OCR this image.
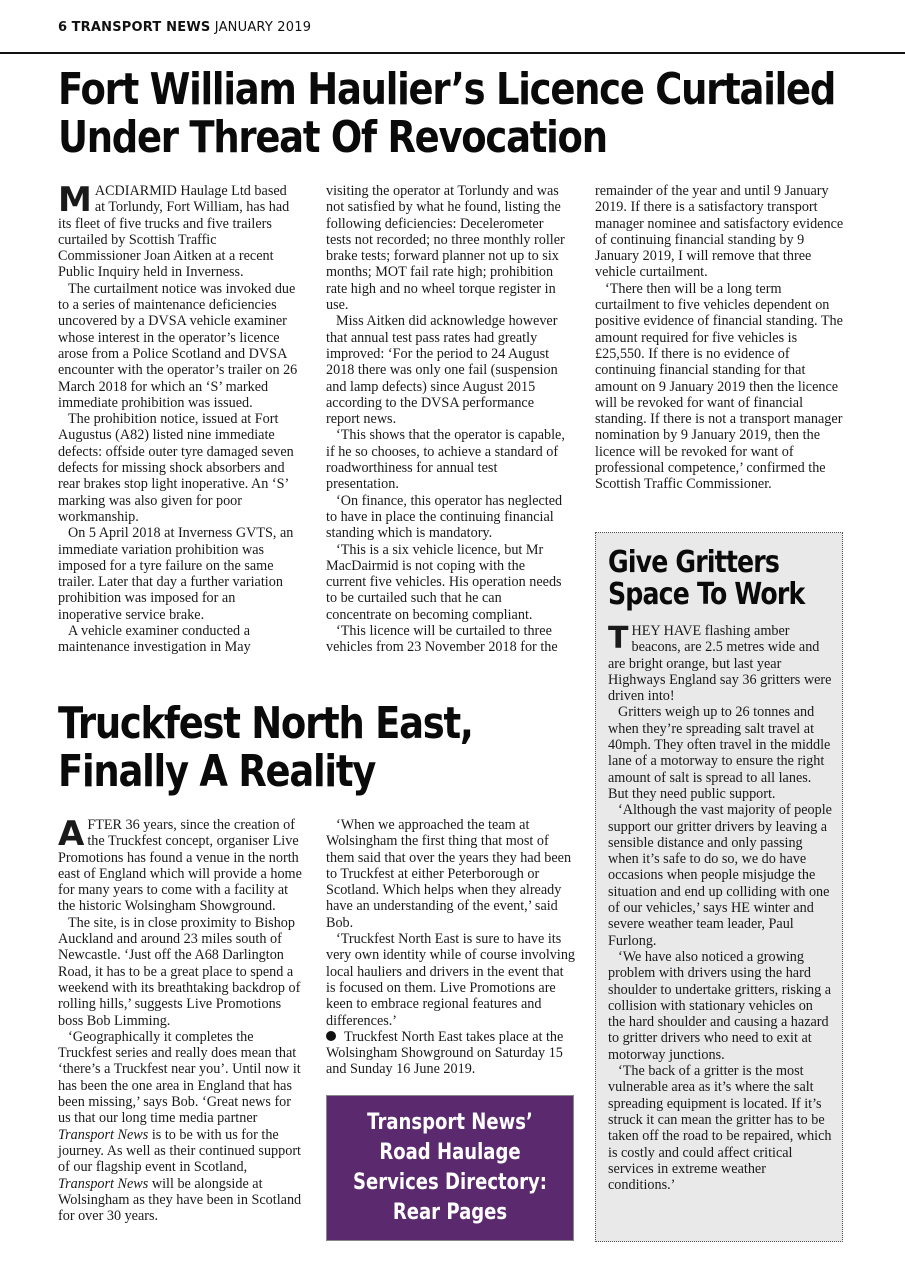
6 TRANSPORT NEWS JANUARY 2019
Fort William Haulier’s Licence Curtailed
Under Threat Of Revocation

MACDIARMID Haulage Ltd based at Torlundy, Fort William, has had its fleet of five trucks and five trailers curtailed by Scottish Traffic Commissioner Joan Aitken at a recent Public Inquiry held in Inverness.

The curtailment notice was invoked due to a series of maintenance deficiencies uncovered by a DVSA vehicle examiner whose interest in the operator’s licence arose from a Police Scotland and DVSA encounter with the operator’s trailer on 26 March 2018 for which an ‘S’ marked immediate prohibition was issued.

The prohibition notice, issued at Fort Augustus (A82) listed nine immediate defects: offside outer tyre damaged seven defects for missing shock absorbers and rear brakes stop light inoperative. An ‘S’ marking was also given for poor workmanship.

On 5 April 2018 at Inverness GVTS, an immediate variation prohibition was imposed for a tyre failure on the same trailer. Later that day a further variation prohibition was imposed for an inoperative service brake.

A vehicle examiner conducted a maintenance investigation in May

visiting the operator at Torlundy and was not satisfied by what he found, listing the following deficiencies: Decelerometer tests not recorded; no three monthly roller brake tests; forward planner not up to six months; MOT fail rate high; prohibition rate high and no wheel torque register in use.

Miss Aitken did acknowledge however that annual test pass rates had greatly improved: ‘For the period to 24 August 2018 there was only one fail (suspension and lamp defects) since August 2015 according to the DVSA performance report news.

‘This shows that the operator is capable, if he so chooses, to achieve a standard of roadworthiness for annual test presentation.

‘On finance, this operator has neglected to have in place the continuing financial standing which is mandatory.

‘This is a six vehicle licence, but Mr MacDairmid is not coping with the current five vehicles. His operation needs to be curtailed such that he can concentrate on becoming compliant.

‘This licence will be curtailed to three vehicles from 23 November 2018 for the

remainder of the year and until 9 January 2019. If there is a satisfactory transport manager nominee and satisfactory evidence of continuing financial standing by 9 January 2019, I will remove that three vehicle curtailment.

‘There then will be a long term curtailment to five vehicles dependent on positive evidence of financial standing. The amount required for five vehicles is £25,550. If there is no evidence of continuing financial standing for that amount on 9 January 2019 then the licence will be revoked for want of financial standing. If there is not a transport manager nomination by 9 January 2019, then the licence will be revoked for want of professional competence,’ confirmed the Scottish Traffic Commissioner.

Truckfest North East,
Finally A Reality

AFTER 36 years, since the creation of the Truckfest concept, organiser Live Promotions has found a venue in the north east of England which will provide a home for many years to come with a facility at the historic Wolsingham Showground.

The site, is in close proximity to Bishop Auckland and around 23 miles south of Newcastle. ‘Just off the A68 Darlington Road, it has to be a great place to spend a weekend with its breathtaking backdrop of rolling hills,’ suggests Live Promotions boss Bob Limming.

‘Geographically it completes the Truckfest series and really does mean that ‘there’s a Truckfest near you’. Until now it has been the one area in England that has been missing,’ says Bob. ‘Great news for us that our long time media partner Transport News is to be with us for the journey. As well as their continued support of our flagship event in Scotland, Transport News will be alongside at Wolsingham as they have been in Scotland for over 30 years.

‘When we approached the team at Wolsingham the first thing that most of them said that over the years they had been to Truckfest at either Peterborough or Scotland. Which helps when they already have an understanding of the event,’ said Bob.

‘Truckfest North East is sure to have its very own identity while of course involving local hauliers and drivers in the event that is focused on them. Live Promotions are keen to embrace regional features and differences.’

Truckfest North East takes place at the Wolsingham Showground on Saturday 15 and Sunday 16 June 2019.

Transport News’
Road Haulage
Services Directory:
Rear Pages
Give Gritters
Space To Work

THEY HAVE flashing amber beacons, are 2.5 metres wide and are bright orange, but last year Highways England say 36 gritters were driven into!

Gritters weigh up to 26 tonnes and when they’re spreading salt travel at 40mph. They often travel in the middle lane of a motorway to ensure the right amount of salt is spread to all lanes. But they need public support.

‘Although the vast majority of people support our gritter drivers by leaving a sensible distance and only passing when it’s safe to do so, we do have occasions when people misjudge the situation and end up colliding with one of our vehicles,’ says HE winter and severe weather team leader, Paul Furlong.

‘We have also noticed a growing problem with drivers using the hard shoulder to undertake gritters, risking a collision with stationary vehicles on the hard shoulder and causing a hazard to gritter drivers who need to exit at motorway junctions.

‘The back of a gritter is the most vulnerable area as it’s where the salt spreading equipment is located. If it’s struck it can mean the gritter has to be taken off the road to be repaired, which is costly and could affect critical services in extreme weather conditions.’
